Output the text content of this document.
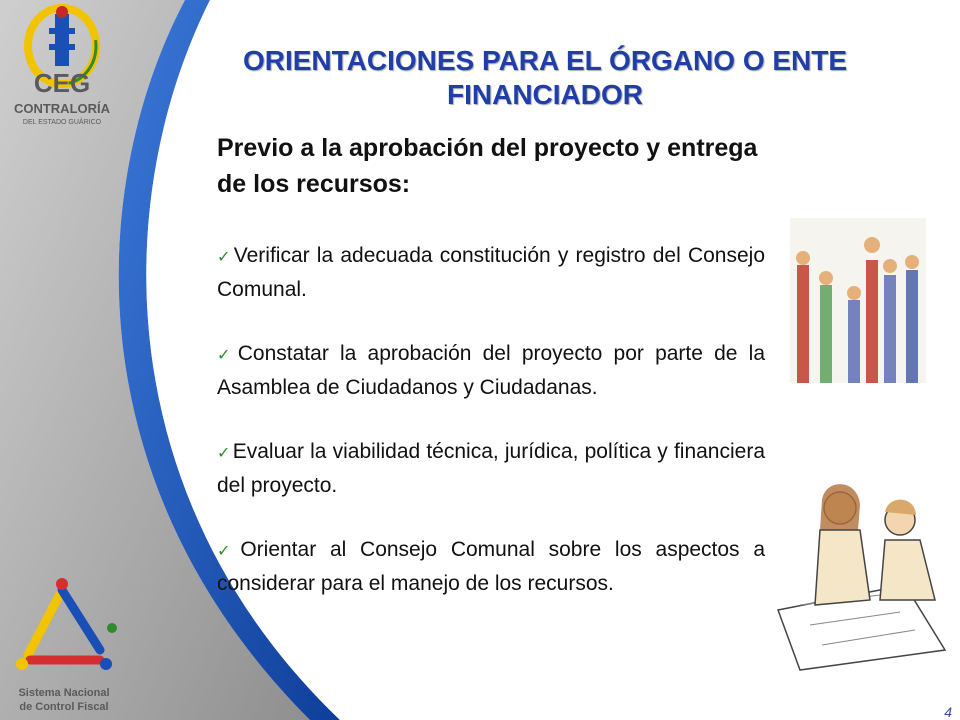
CEG
CONTRALORÍA
DEL ESTADO GUÁRICO
Sistema Nacional
de Control Fiscal
ORIENTACIONES PARA EL ÓRGANO O ENTE FINANCIADOR
Previo a la aprobación del proyecto y entrega de los recursos:
✓Verificar la adecuada constitución y registro del Consejo Comunal.
✓Constatar la aprobación del proyecto por parte de la Asamblea de Ciudadanos y Ciudadanas.
✓Evaluar la viabilidad técnica, jurídica, política y financiera del proyecto.
✓Orientar al Consejo Comunal sobre los aspectos a considerar para el manejo de los recursos.
4
